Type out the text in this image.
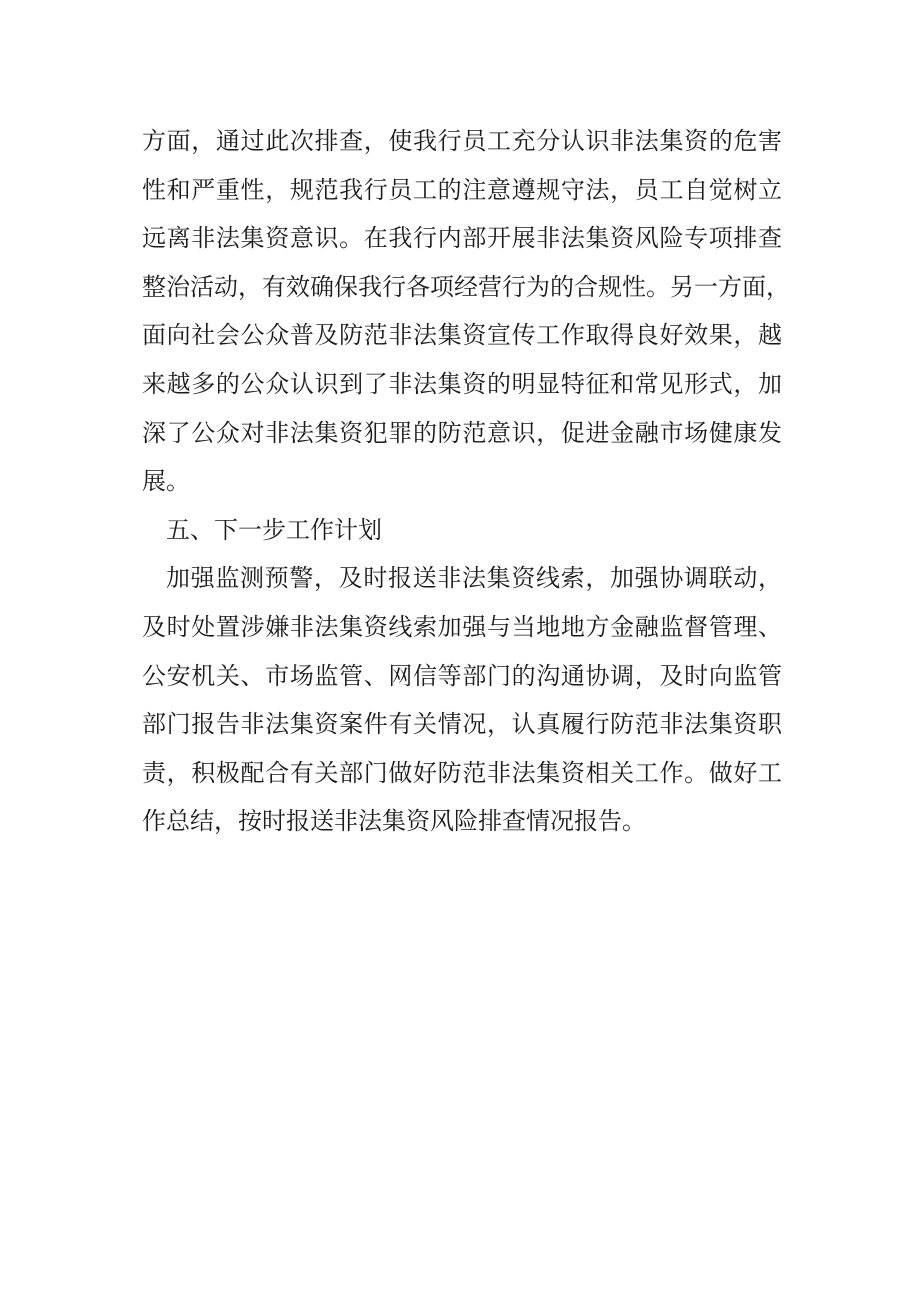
方面，通过此次排查，使我行员工充分认识非法集资的危害
性和严重性，规范我行员工的注意遵规守法，员工自觉树立
远离非法集资意识。在我行内部开展非法集资风险专项排查
整治活动，有效确保我行各项经营行为的合规性。另一方面，
面向社会公众普及防范非法集资宣传工作取得良好效果，越
来越多的公众认识到了非法集资的明显特征和常见形式，加
深了公众对非法集资犯罪的防范意识，促进金融市场健康发
展。
五、下一步工作计划
加强监测预警，及时报送非法集资线索，加强协调联动，
及时处置涉嫌非法集资线索加强与当地地方金融监督管理、
公安机关、市场监管、网信等部门的沟通协调，及时向监管
部门报告非法集资案件有关情况，认真履行防范非法集资职
责，积极配合有关部门做好防范非法集资相关工作。做好工
作总结，按时报送非法集资风险排查情况报告。
